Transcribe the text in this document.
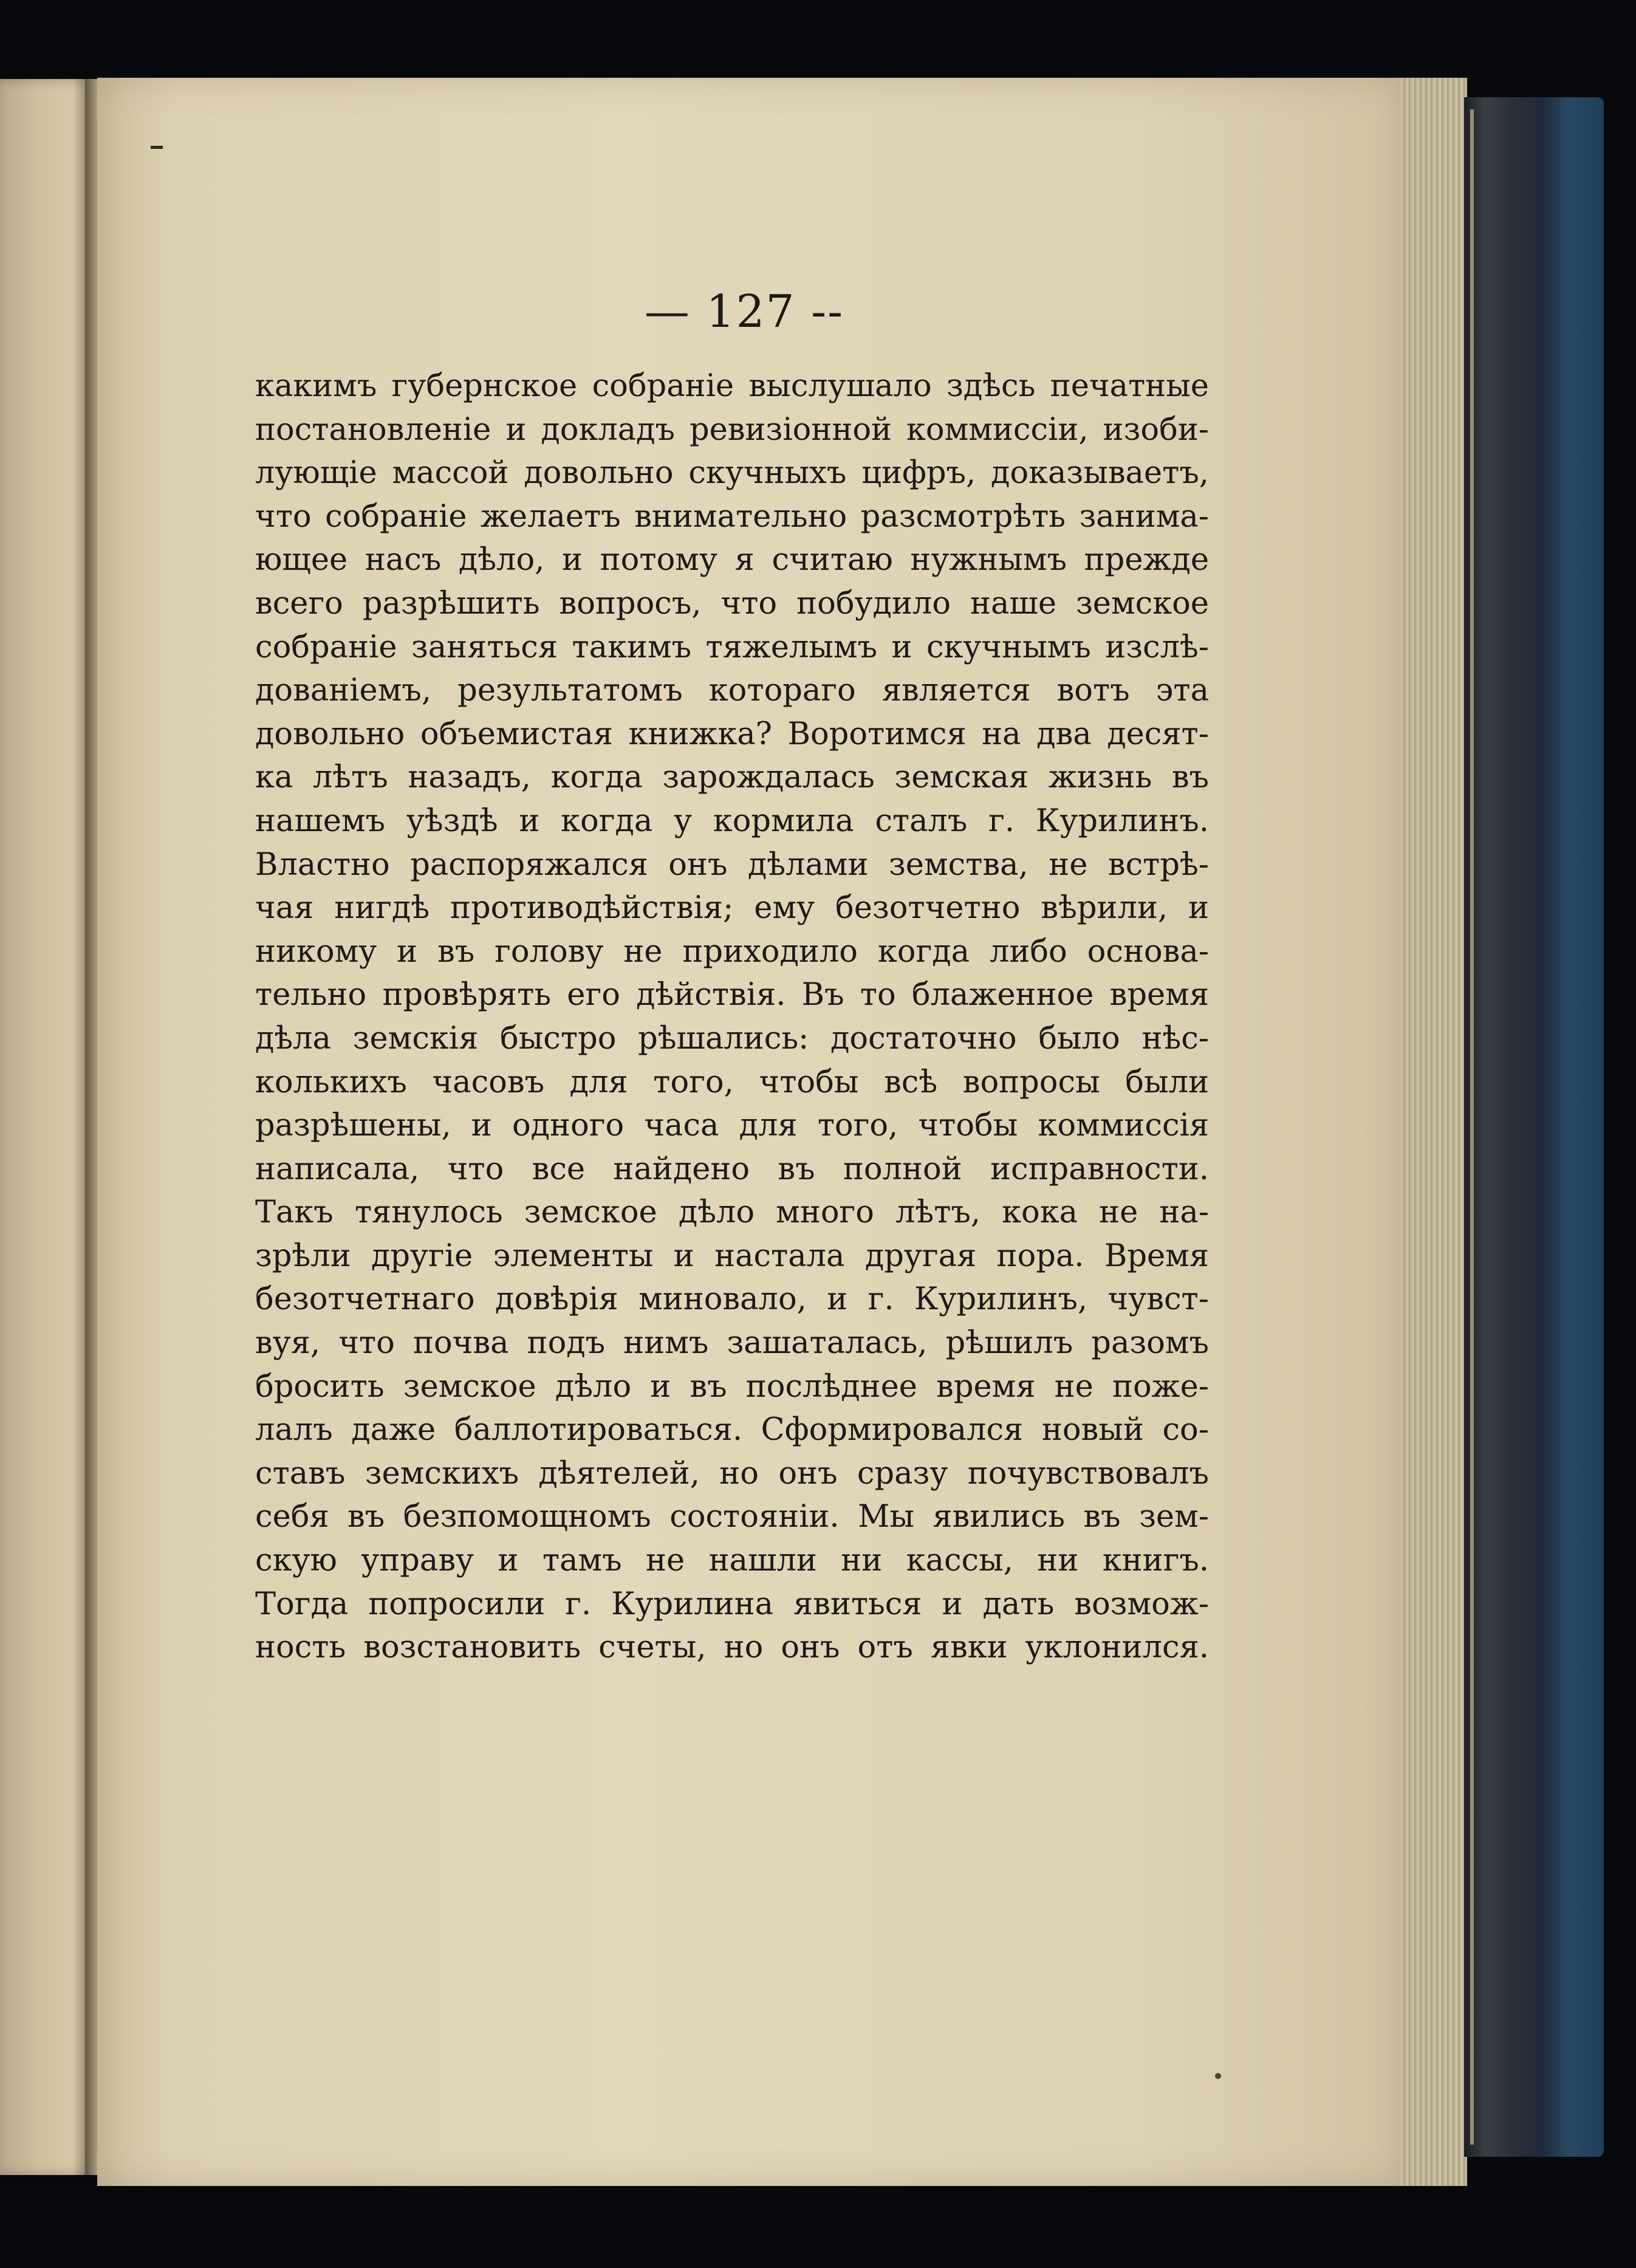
— 127 --
какимъ губернское собраніе выслушало здѣсь печатные
постановленіе и докладъ ревизіонной коммиссіи, изоби-
лующіе массой довольно скучныхъ цифръ, доказываетъ,
что собраніе желаетъ внимательно разсмотрѣть занима-
ющее насъ дѣло, и потому я считаю нужнымъ прежде
всего разрѣшить вопросъ, что побудило наше земское
собраніе заняться такимъ тяжелымъ и скучнымъ изслѣ-
дованіемъ, результатомъ котораго является вотъ эта
довольно объемистая книжка? Воротимся на два десят-
ка лѣтъ назадъ, когда зарождалась земская жизнь въ
нашемъ уѣздѣ и когда у кормила сталъ г. Курилинъ.
Властно распоряжался онъ дѣлами земства, не встрѣ-
чая нигдѣ противодѣйствія; ему безотчетно вѣрили, и
никому и въ голову не приходило когда либо основа-
тельно провѣрять его дѣйствія. Въ то блаженное время
дѣла земскія быстро рѣшались: достаточно было нѣс-
колькихъ часовъ для того, чтобы всѣ вопросы были
разрѣшены, и одного часа для того, чтобы коммиссія
написала, что все найдено въ полной исправности.
Такъ тянулось земское дѣло много лѣтъ, кока не на-
зрѣли другіе элементы и настала другая пора. Время
безотчетнаго довѣрія миновало, и г. Курилинъ, чувст-
вуя, что почва подъ нимъ зашаталась, рѣшилъ разомъ
бросить земское дѣло и въ послѣднее время не поже-
лалъ даже баллотироваться. Сформировался новый со-
ставъ земскихъ дѣятелей, но онъ сразу почувствовалъ
себя въ безпомощномъ состояніи. Мы явились въ зем-
скую управу и тамъ не нашли ни кассы, ни книгъ.
Тогда попросили г. Курилина явиться и дать возмож-
ность возстановить счеты, но онъ отъ явки уклонился.
